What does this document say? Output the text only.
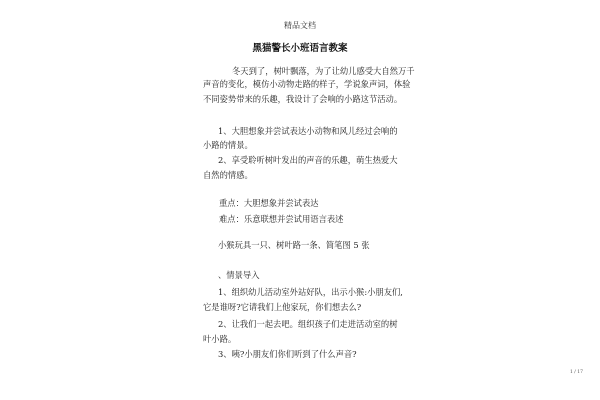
精品文档
黑猫警长小班语言教案
冬天到了，树叶飘落，为了让幼儿感受大自然万千
声音的变化，模仿小动物走路的样子，学说象声词，体验
不同姿势带来的乐趣，我设计了会响的小路这节活动。
1、大胆想象并尝试表达小动物和风儿经过会响的
小路的情景。
2、享受聆听树叶发出的声音的乐趣，萌生热爱大
自然的情感。
重点：大胆想象并尝试表达
难点：乐意联想并尝试用语言表述
小猴玩具一只、树叶路一条、简笔图 5 张
、情景导入
1、组织幼儿活动室外站好队，出示小猴:小朋友们,
它是谁呀?它请我们上他家玩，你们想去么?
2、让我们一起去吧。组织孩子们走进活动室的树
叶小路。
3、咦?小朋友们你们听到了什么声音?
1 / 17
